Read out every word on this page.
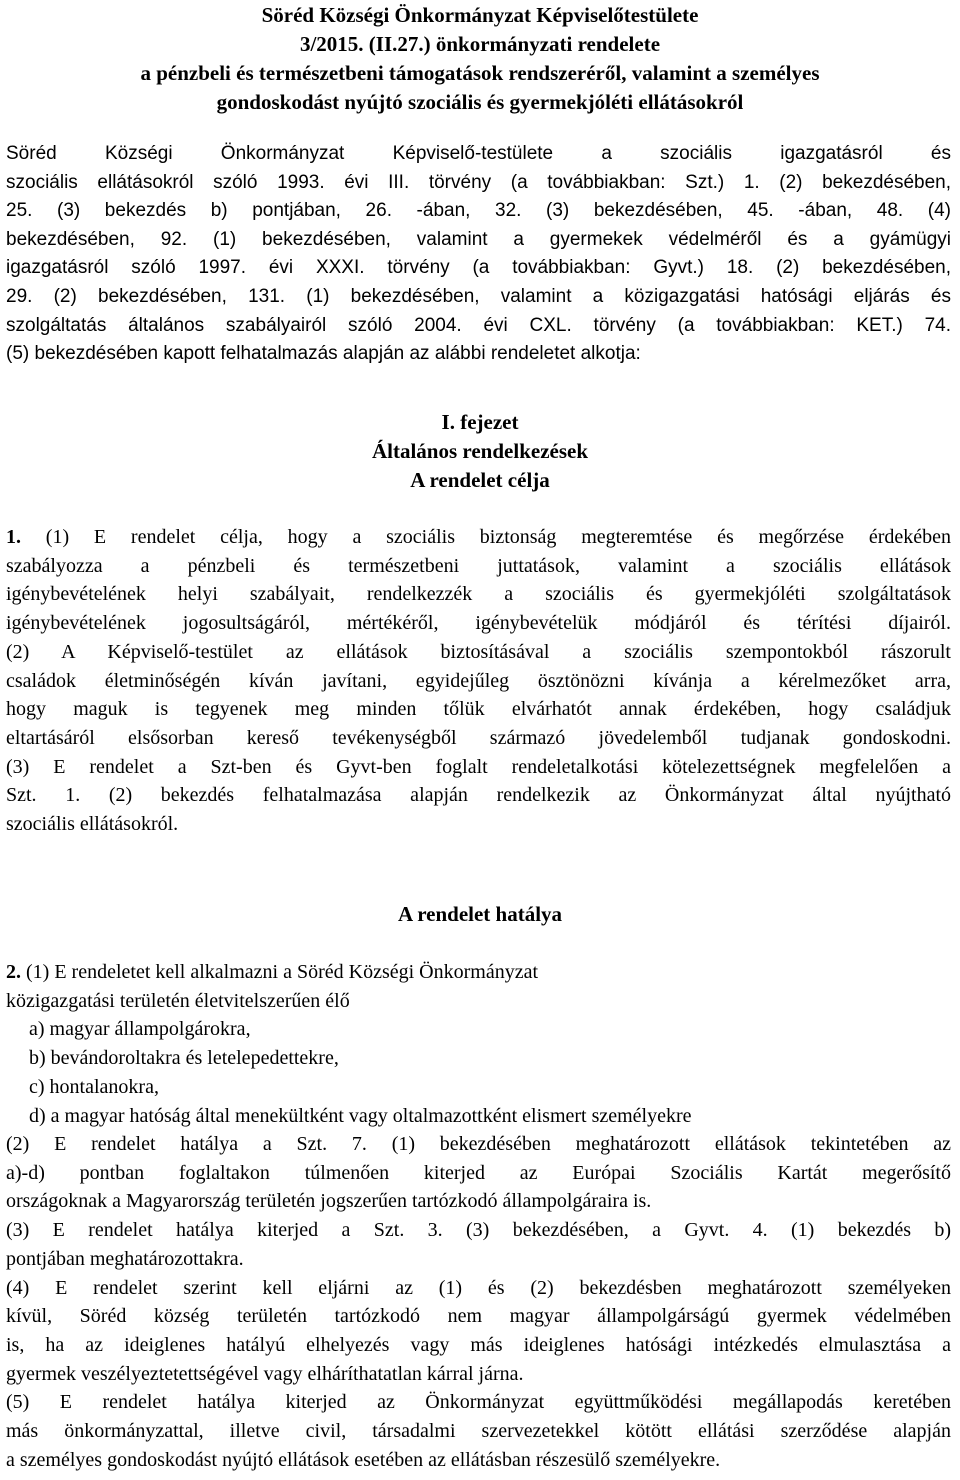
Söréd Községi Önkormányzat Képviselőtestülete
3/2015. (II.27.) önkormányzati rendelete
a pénzbeli és természetbeni támogatások rendszeréről, valamint a személyes
gondoskodást nyújtó szociális és gyermekjóléti ellátásokról
Söréd Községi Önkormányzat Képviselő-testülete a szociális igazgatásról és
szociális ellátásokról szóló 1993. évi III. törvény (a továbbiakban: Szt.) 1. (2) bekezdésében,
25. (3) bekezdés b) pontjában, 26. -ában, 32. (3) bekezdésében, 45. -ában, 48. (4)
bekezdésében, 92. (1) bekezdésében, valamint a gyermekek védelméről és a gyámügyi
igazgatásról szóló 1997. évi XXXI. törvény (a továbbiakban: Gyvt.) 18. (2) bekezdésében,
29. (2) bekezdésében, 131. (1) bekezdésében, valamint a közigazgatási hatósági eljárás és
szolgáltatás általános szabályairól szóló 2004. évi CXL. törvény (a továbbiakban: KET.) 74.
(5) bekezdésében kapott felhatalmazás alapján az alábbi rendeletet alkotja:
I. fejezet
Általános rendelkezések
A rendelet célja
1. (1) E rendelet célja, hogy a szociális biztonság megteremtése és megőrzése érdekében
szabályozza a pénzbeli és természetbeni juttatások, valamint a szociális ellátások
igénybevételének helyi szabályait, rendelkezzék a szociális és gyermekjóléti szolgáltatások
igénybevételének jogosultságáról, mértékéről, igénybevételük módjáról és térítési díjairól.
(2) A Képviselő-testület az ellátások biztosításával a szociális szempontokból rászorult
családok életminőségén kíván javítani, egyidejűleg ösztönözni kívánja a kérelmezőket arra,
hogy maguk is tegyenek meg minden tőlük elvárhatót annak érdekében, hogy családjuk
eltartásáról elsősorban kereső tevékenységből származó jövedelemből tudjanak gondoskodni.
(3) E rendelet a Szt-ben és Gyvt-ben foglalt rendeletalkotási kötelezettségnek megfelelően a
Szt. 1. (2) bekezdés felhatalmazása alapján rendelkezik az Önkormányzat által nyújtható
szociális ellátásokról.
A rendelet hatálya
2. (1) E rendeletet kell alkalmazni a Söréd Községi Önkormányzat
közigazgatási területén életvitelszerűen élő
a) magyar állampolgárokra,
b) bevándoroltakra és letelepedettekre,
c) hontalanokra,
d) a magyar hatóság által menekültként vagy oltalmazottként elismert személyekre
(2) E rendelet hatálya a Szt. 7. (1) bekezdésében meghatározott ellátások tekintetében az
a)-d) pontban foglaltakon túlmenően kiterjed az Európai Szociális Kartát megerősítő
országoknak a Magyarország területén jogszerűen tartózkodó állampolgáraira is.
(3) E rendelet hatálya kiterjed a Szt. 3. (3) bekezdésében, a Gyvt. 4. (1) bekezdés b)
pontjában meghatározottakra.
(4) E rendelet szerint kell eljárni az (1) és (2) bekezdésben meghatározott személyeken
kívül, Söréd község területén tartózkodó nem magyar állampolgárságú gyermek védelmében
is, ha az ideiglenes hatályú elhelyezés vagy más ideiglenes hatósági intézkedés elmulasztása a
gyermek veszélyeztetettségével vagy elháríthatatlan kárral járna.
(5) E rendelet hatálya kiterjed az Önkormányzat együttműködési megállapodás keretében
más önkormányzattal, illetve civil, társadalmi szervezetekkel kötött ellátási szerződése alapján
a személyes gondoskodást nyújtó ellátások esetében az ellátásban részesülő személyekre.
